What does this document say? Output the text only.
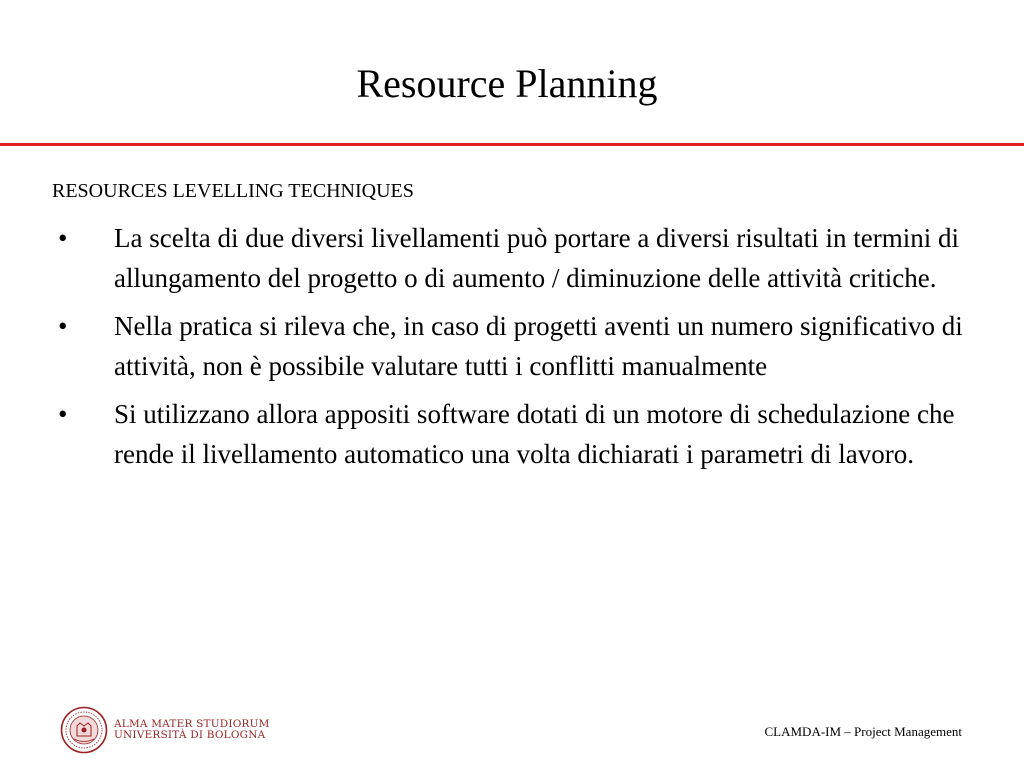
Resource Planning
RESOURCES LEVELLING TECHNIQUES
•	La scelta di due diversi livellamenti può portare a diversi risultati in termini di allungamento del progetto o di aumento / diminuzione delle attività critiche.
•	Nella pratica si rileva che, in caso di progetti aventi un numero significativo di attività, non è possibile valutare tutti i conflitti manualmente
•	Si utilizzano allora appositi software dotati di un motore di schedulazione che rende il livellamento automatico una volta dichiarati i parametri di lavoro.
ALMA MATER STUDIORUM
UNIVERSITÀ DI BOLOGNA	CLAMDA-IM – Project Management
